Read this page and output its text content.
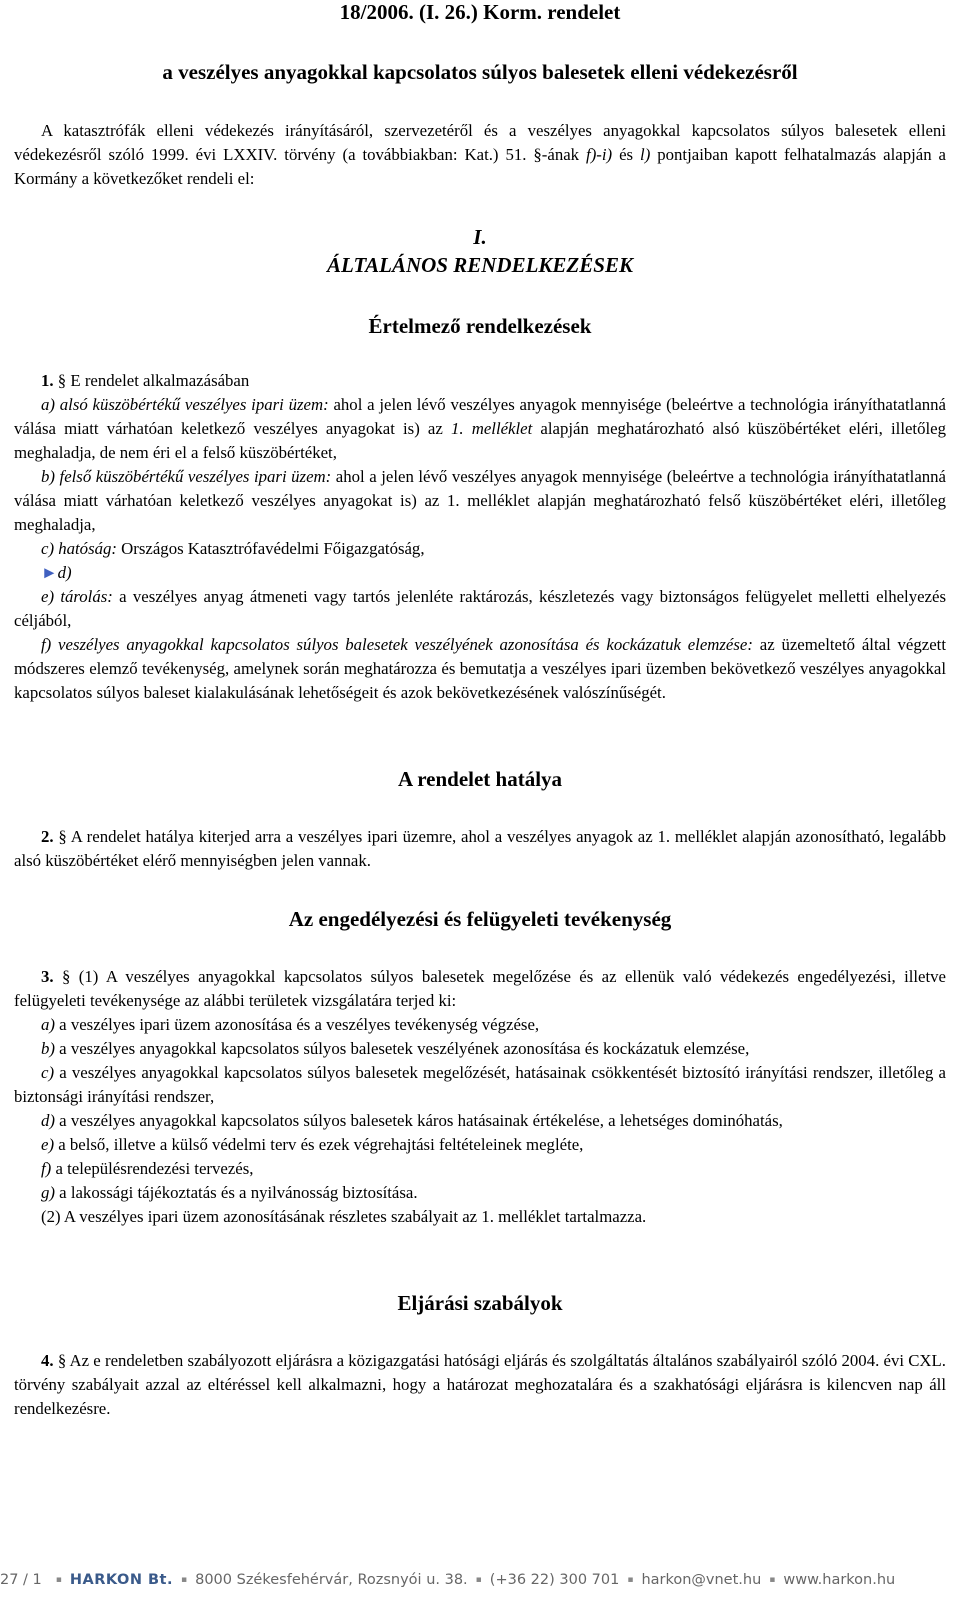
18/2006. (I. 26.) Korm. rendelet
a veszélyes anyagokkal kapcsolatos súlyos balesetek elleni védekezésről

A katasztrófák elleni védekezés irányításáról, szervezetéről és a veszélyes anyagokkal kapcsolatos súlyos balesetek elleni védekezésről szóló 1999. évi LXXIV. törvény (a továbbiakban: Kat.) 51. §-ának f)-i) és l) pontjaiban kapott felhatalmazás alapján a Kormány a következőket rendeli el:

I.
ÁLTALÁNOS RENDELKEZÉSEK
Értelmező rendelkezések

1. § E rendelet alkalmazásában

a) alsó küszöbértékű veszélyes ipari üzem: ahol a jelen lévő veszélyes anyagok mennyisége (beleértve a technológia irányíthatatlanná válása miatt várhatóan keletkező veszélyes anyagokat is) az 1. melléklet alapján meghatározható alsó küszöbértéket eléri, illetőleg meghaladja, de nem éri el a felső küszöbértéket,

b) felső küszöbértékű veszélyes ipari üzem: ahol a jelen lévő veszélyes anyagok mennyisége (beleértve a technológia irányíthatatlanná válása miatt várhatóan keletkező veszélyes anyagokat is) az 1. melléklet alapján meghatározható felső küszöbértéket eléri, illetőleg meghaladja,

c) hatóság: Országos Katasztrófavédelmi Főigazgatóság,

►d)

e) tárolás: a veszélyes anyag átmeneti vagy tartós jelenléte raktározás, készletezés vagy biztonságos felügyelet melletti elhelyezés céljából,

f) veszélyes anyagokkal kapcsolatos súlyos balesetek veszélyének azonosítása és kockázatuk elemzése: az üzemeltető által végzett módszeres elemző tevékenység, amelynek során meghatározza és bemutatja a veszélyes ipari üzemben bekövetkező veszélyes anyagokkal kapcsolatos súlyos baleset kialakulásának lehetőségeit és azok bekövetkezésének valószínűségét.

A rendelet hatálya

2. § A rendelet hatálya kiterjed arra a veszélyes ipari üzemre, ahol a veszélyes anyagok az 1. melléklet alapján azonosítható, legalább alsó küszöbértéket elérő mennyiségben jelen vannak.

Az engedélyezési és felügyeleti tevékenység

3. § (1) A veszélyes anyagokkal kapcsolatos súlyos balesetek megelőzése és az ellenük való védekezés engedélyezési, illetve felügyeleti tevékenysége az alábbi területek vizsgálatára terjed ki:

a) a veszélyes ipari üzem azonosítása és a veszélyes tevékenység végzése,

b) a veszélyes anyagokkal kapcsolatos súlyos balesetek veszélyének azonosítása és kockázatuk elemzése,

c) a veszélyes anyagokkal kapcsolatos súlyos balesetek megelőzését, hatásainak csökkentését biztosító irányítási rendszer, illetőleg a biztonsági irányítási rendszer,

d) a veszélyes anyagokkal kapcsolatos súlyos balesetek káros hatásainak értékelése, a lehetséges dominóhatás,

e) a belső, illetve a külső védelmi terv és ezek végrehajtási feltételeinek megléte,

f) a településrendezési tervezés,

g) a lakossági tájékoztatás és a nyilvánosság biztosítása.

(2) A veszélyes ipari üzem azonosításának részletes szabályait az 1. melléklet tartalmazza.

Eljárási szabályok

4. § Az e rendeletben szabályozott eljárásra a közigazgatási hatósági eljárás és szolgáltatás általános szabályairól szóló 2004. évi CXL. törvény szabályait azzal az eltéréssel kell alkalmazni, hogy a határozat meghozatalára és a szakhatósági eljárásra is kilencven nap áll rendelkezésre.

27 / 1 ▪ HARKON Bt. ▪ 8000 Székesfehérvár, Rozsnyói u. 38. ▪ (+36 22) 300 701 ▪ harkon@vnet.hu ▪ www.harkon.hu
